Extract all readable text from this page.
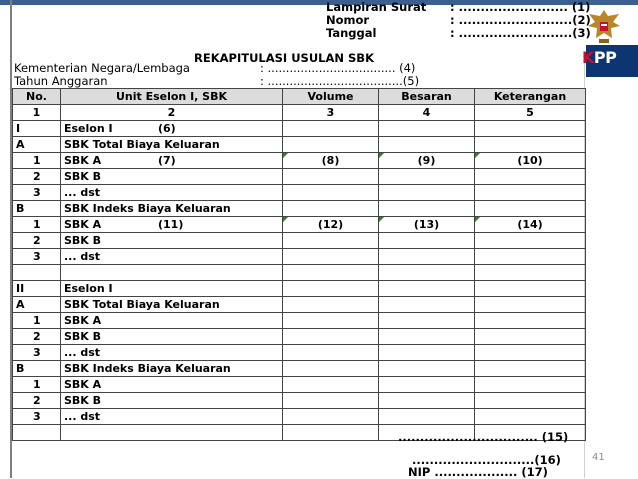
Lampiran Surat : ......................... (1)
Nomor	: ..........................(2)
Tanggal	: ..........................(3)
KPP
REKAPITULASI USULAN SBK
Kementerian Negara/Lembaga	: ................................... (4)
Tahun Anggaran	: .....................................(5)
No.	Unit Eselon I, SBK	Volume	Besaran	Keterangan
1	2	3	4	5
I	Eselon I (6)			
A	SBK Total Biaya Keluaran			
1	SBK A (7)	(8)	(9)	(10)
2	SBK B			
3	... dst			
B	SBK Indeks Biaya Keluaran			
1	SBK A (11)	(12)	(13)	(14)
2	SBK B			
3	... dst			

II	Eselon I			
A	SBK Total Biaya Keluaran			
1	SBK A			
2	SBK B			
3	... dst			
B	SBK Indeks Biaya Keluaran			
1	SBK A			
2	SBK B			
3	... dst			

................................ (15)
............................(16)
NIP ................... (17)
41
